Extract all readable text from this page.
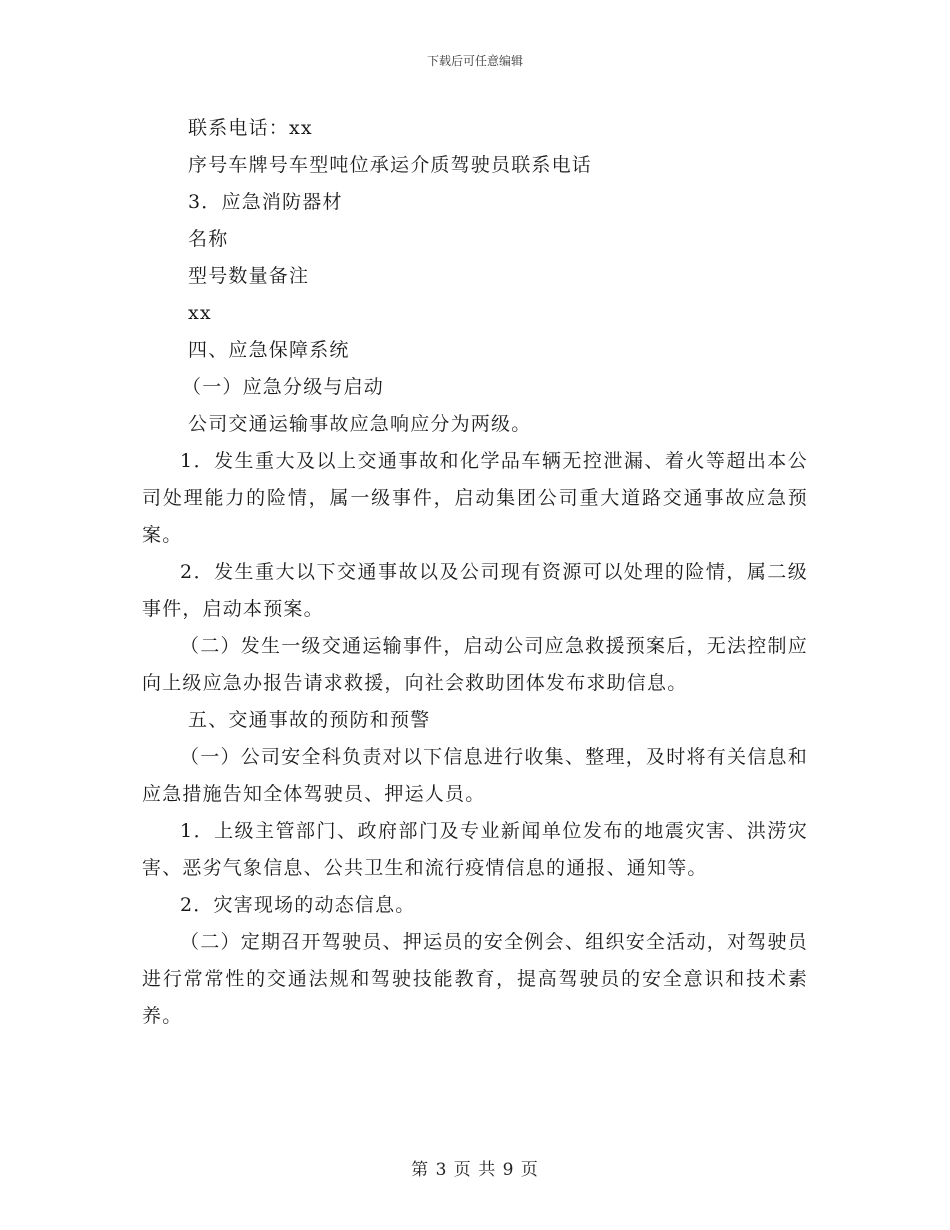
下载后可任意编辑
联系电话：xx
序号车牌号车型吨位承运介质驾驶员联系电话
3．应急消防器材
名称
型号数量备注
xx
四、应急保障系统
（一）应急分级与启动
公司交通运输事故应急响应分为两级。

1．发生重大及以上交通事故和化学品车辆无控泄漏、着火等超出本公司处理能力的险情，属一级事件，启动集团公司重大道路交通事故应急预案。

2．发生重大以下交通事故以及公司现有资源可以处理的险情，属二级事件，启动本预案。

（二）发生一级交通运输事件，启动公司应急救援预案后，无法控制应向上级应急办报告请求救援，向社会救助团体发布求助信息。

五、交通事故的预防和预警

（一）公司安全科负责对以下信息进行收集、整理，及时将有关信息和应急措施告知全体驾驶员、押运人员。

1．上级主管部门、政府部门及专业新闻单位发布的地震灾害、洪涝灾害、恶劣气象信息、公共卫生和流行疫情信息的通报、通知等。

2．灾害现场的动态信息。

（二）定期召开驾驶员、押运员的安全例会、组织安全活动，对驾驶员进行常常性的交通法规和驾驶技能教育，提高驾驶员的安全意识和技术素养。

第 3 页 共 9 页
